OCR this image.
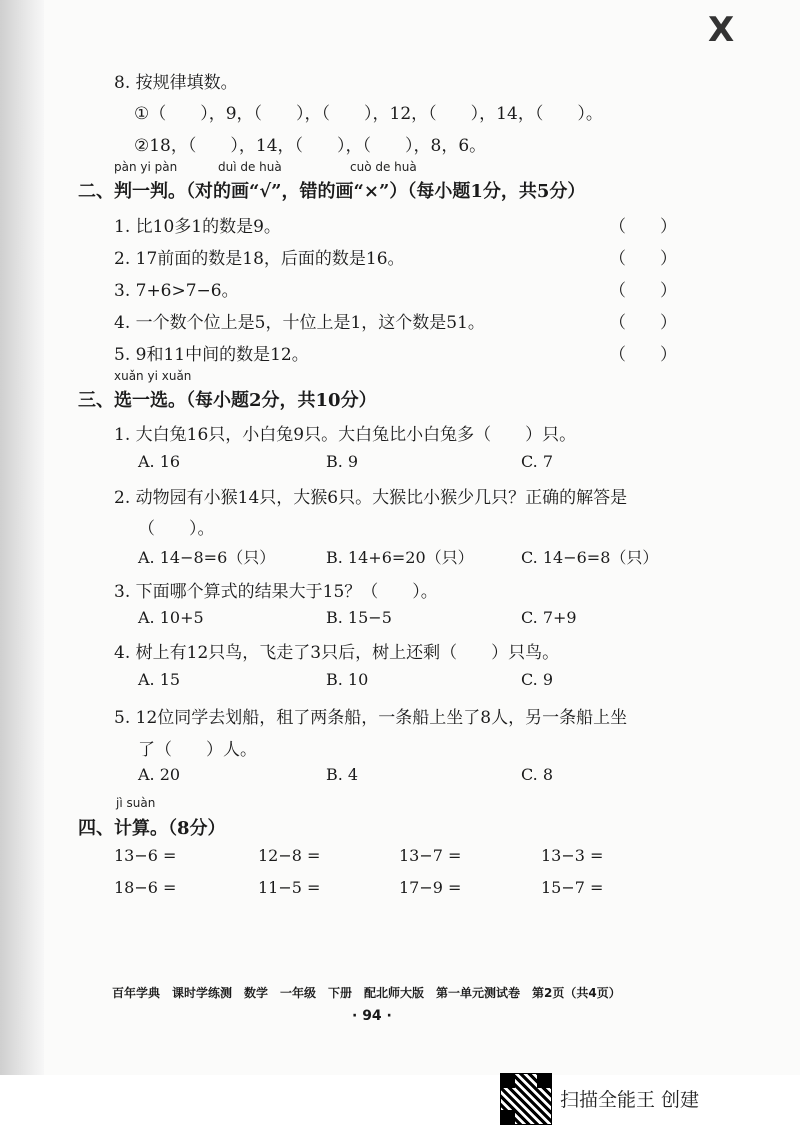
X
8. 按规律填数。
①（　　），9，（　　），（　　），12，（　　），14，（　　）。
②18，（　　），14，（　　），（　　），8，6。
pàn yi pàn	duì de huà	cuò de huà
二、判一判。（对的画“√”，错的画“×”）（每小题1分，共5分）
1. 比10多1的数是9。	（　　）
2. 17前面的数是18，后面的数是16。	（　　）
3. 7+6>7−6。	（　　）
4. 一个数个位上是5，十位上是1，这个数是51。	（　　）
5. 9和11中间的数是12。	（　　）
xuǎn yi xuǎn
三、选一选。（每小题2分，共10分）
1. 大白兔16只，小白兔9只。大白兔比小白兔多（　　）只。
A. 16	B. 9	C. 7
2. 动物园有小猴14只，大猴6只。大猴比小猴少几只？正确的解答是
（　　）。
A. 14−8=6（只）	B. 14+6=20（只）	C. 14−6=8（只）
3. 下面哪个算式的结果大于15？（　　）。
A. 10+5	B. 15−5	C. 7+9
4. 树上有12只鸟，飞走了3只后，树上还剩（　　）只鸟。
A. 15	B. 10	C. 9
5. 12位同学去划船，租了两条船，一条船上坐了8人，另一条船上坐
了（　　）人。
A. 20	B. 4	C. 8
jì suàn
四、计算。（8分）
13−6 =	12−8 =	13−7 =	13−3 =
18−6 =	11−5 =	17−9 =	15−7 =
百年学典　课时学练测　数学　一年级　下册　配北师大版　第一单元测试卷　第2页（共4页）
· 94 ·
扫描全能王 创建
